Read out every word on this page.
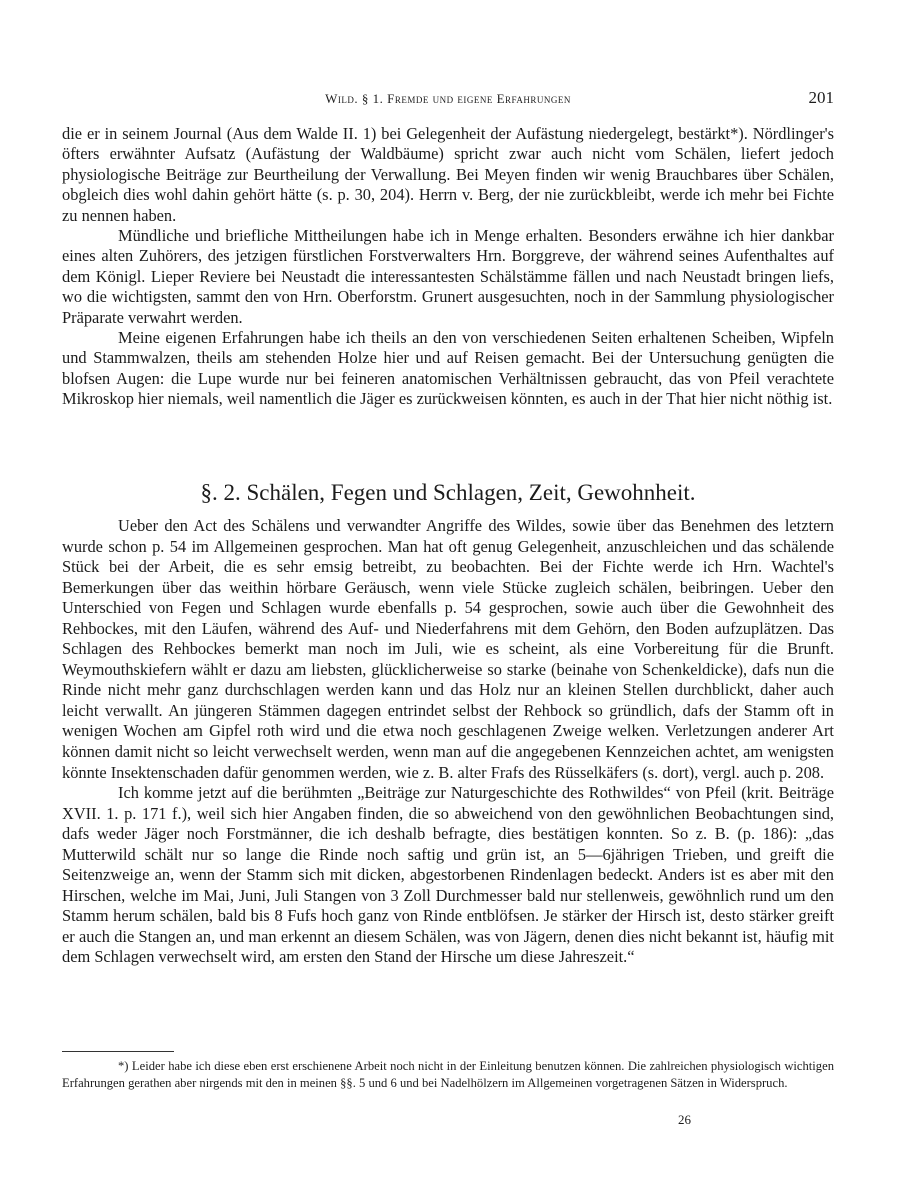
Wild. § 1. Fremde und eigene Erfahrungen	201

die er in seinem Journal (Aus dem Walde II. 1) bei Gelegenheit der Aufästung niedergelegt, bestärkt*). Nördlinger's öfters erwähnter Aufsatz (Aufästung der Waldbäume) spricht zwar auch nicht vom Schälen, liefert jedoch physiologische Beiträge zur Beurtheilung der Verwallung. Bei Meyen finden wir wenig Brauchbares über Schälen, obgleich dies wohl dahin gehört hätte (s. p. 30, 204). Herrn v. Berg, der nie zurückbleibt, werde ich mehr bei Fichte zu nennen haben.

Mündliche und briefliche Mittheilungen habe ich in Menge erhalten. Besonders erwähne ich hier dankbar eines alten Zuhörers, des jetzigen fürstlichen Forstverwalters Hrn. Borggreve, der während seines Aufenthaltes auf dem Königl. Lieper Reviere bei Neustadt die interessantesten Schälstämme fällen und nach Neustadt bringen liefs, wo die wichtigsten, sammt den von Hrn. Oberforstm. Grunert ausgesuchten, noch in der Sammlung physiologischer Präparate verwahrt werden.

Meine eigenen Erfahrungen habe ich theils an den von verschiedenen Seiten erhaltenen Scheiben, Wipfeln und Stammwalzen, theils am stehenden Holze hier und auf Reisen gemacht. Bei der Untersuchung genügten die blofsen Augen: die Lupe wurde nur bei feineren anatomischen Verhältnissen gebraucht, das von Pfeil verachtete Mikroskop hier niemals, weil namentlich die Jäger es zurückweisen könnten, es auch in der That hier nicht nöthig ist.

§. 2. Schälen, Fegen und Schlagen, Zeit, Gewohnheit.

Ueber den Act des Schälens und verwandter Angriffe des Wildes, sowie über das Benehmen des letztern wurde schon p. 54 im Allgemeinen gesprochen. Man hat oft genug Gelegenheit, anzuschleichen und das schälende Stück bei der Arbeit, die es sehr emsig betreibt, zu beobachten. Bei der Fichte werde ich Hrn. Wachtel's Bemerkungen über das weithin hörbare Geräusch, wenn viele Stücke zugleich schälen, beibringen. Ueber den Unterschied von Fegen und Schlagen wurde ebenfalls p. 54 gesprochen, sowie auch über die Gewohnheit des Rehbockes, mit den Läufen, während des Auf- und Niederfahrens mit dem Gehörn, den Boden aufzuplätzen. Das Schlagen des Rehbockes bemerkt man noch im Juli, wie es scheint, als eine Vorbereitung für die Brunft. Weymouthskiefern wählt er dazu am liebsten, glücklicherweise so starke (beinahe von Schenkeldicke), dafs nun die Rinde nicht mehr ganz durchschlagen werden kann und das Holz nur an kleinen Stellen durchblickt, daher auch leicht verwallt. An jüngeren Stämmen dagegen entrindet selbst der Rehbock so gründlich, dafs der Stamm oft in wenigen Wochen am Gipfel roth wird und die etwa noch geschlagenen Zweige welken. Verletzungen anderer Art können damit nicht so leicht verwechselt werden, wenn man auf die angegebenen Kennzeichen achtet, am wenigsten könnte Insektenschaden dafür genommen werden, wie z. B. alter Frafs des Rüsselkäfers (s. dort), vergl. auch p. 208.

Ich komme jetzt auf die berühmten „Beiträge zur Naturgeschichte des Rothwildes“ von Pfeil (krit. Beiträge XVII. 1. p. 171 f.), weil sich hier Angaben finden, die so abweichend von den gewöhnlichen Beobachtungen sind, dafs weder Jäger noch Forstmänner, die ich deshalb befragte, dies bestätigen konnten. So z. B. (p. 186): „das Mutterwild schält nur so lange die Rinde noch saftig und grün ist, an 5—6jährigen Trieben, und greift die Seitenzweige an, wenn der Stamm sich mit dicken, abgestorbenen Rindenlagen bedeckt. Anders ist es aber mit den Hirschen, welche im Mai, Juni, Juli Stangen von 3 Zoll Durchmesser bald nur stellenweis, gewöhnlich rund um den Stamm herum schälen, bald bis 8 Fufs hoch ganz von Rinde entblöfsen. Je stärker der Hirsch ist, desto stärker greift er auch die Stangen an, und man erkennt an diesem Schälen, was von Jägern, denen dies nicht bekannt ist, häufig mit dem Schlagen verwechselt wird, am ersten den Stand der Hirsche um diese Jahreszeit.“

*) Leider habe ich diese eben erst erschienene Arbeit noch nicht in der Einleitung benutzen können. Die zahlreichen physiologisch wichtigen Erfahrungen gerathen aber nirgends mit den in meinen §§. 5 und 6 und bei Nadelhölzern im Allgemeinen vorgetragenen Sätzen in Widerspruch.

26
